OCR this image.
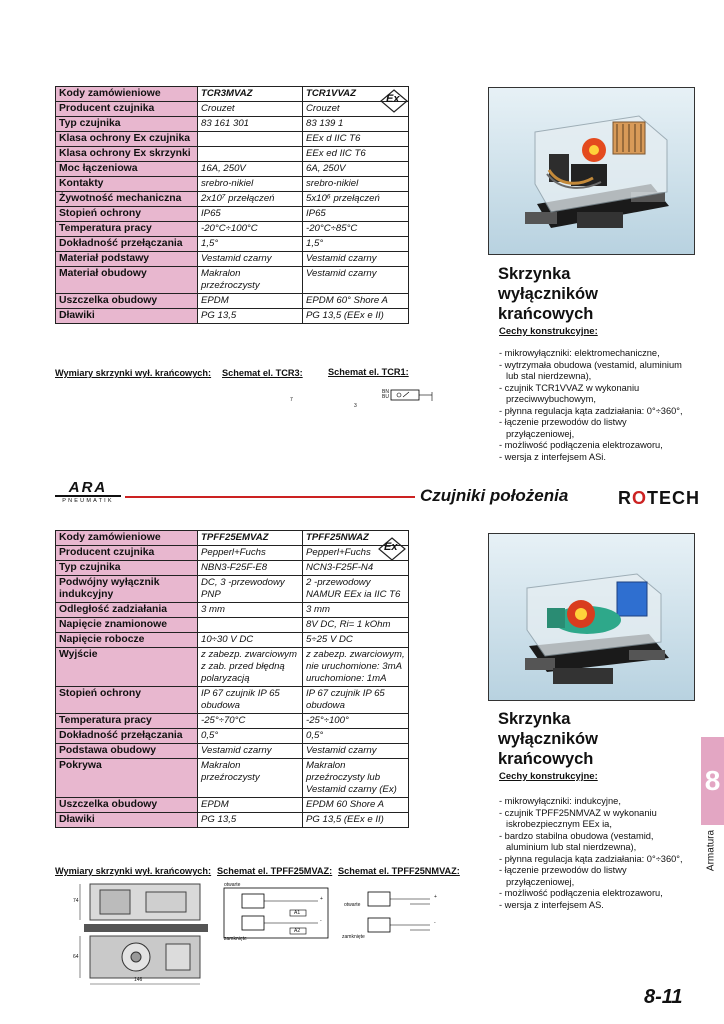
Kody zamówieniowe	TCR3MVAZ	TCR1VVAZ
Producent czujnika	Crouzet	Crouzet
Typ czujnika	83 161 301	83 139 1
Klasa ochrony Ex czujnika		EEx d IIC T6
Klasa ochrony Ex skrzynki		EEx ed IIC T6
Moc łączeniowa	16A, 250V	6A, 250V
Kontakty	srebro-nikiel	srebro-nikiel
Żywotność mechaniczna	2x10⁷ przełączeń	5x10⁶ przełączeń
Stopień ochrony	IP65	IP65
Temperatura pracy	-20°C÷100°C	-20°C÷85°C
Dokładność przełączania	1,5°	1,5°
Materiał podstawy	Vestamid czarny	Vestamid czarny
Materiał obudowy	Makralon przeźroczysty	Vestamid czarny
Uszczelka obudowy	EPDM	EPDM 60° Shore A
Dławiki	PG 13,5	PG 13,5 (EEx e II)
Ex
Wymiary skrzynki wył. krańcowych: Schemat el. TCR3:	Schemat el. TCR1:
7
3
BN
BU
Skrzynka wyłączników krańcowych
Cechy konstrukcyjne:
- mikrowyłączniki: elektromechaniczne,
- wytrzymała obudowa (vestamid, aluminium lub stal nierdzewna),
- czujnik TCR1VVAZ w wykonaniu przeciwwybuchowym,
- płynna regulacja kąta zadziałania: 0°÷360°,
- łączenie przewodów do listwy przyłączeniowej,
- możliwość podłączenia elektrozaworu,
- wersja z interfejsem ASi.
ARA
PNEUMATIK	Czujniki położenia	ROTECH
Kody zamówieniowe	TPFF25EMVAZ	TPFF25NWAZ
Producent czujnika	Pepperl+Fuchs	Pepperl+Fuchs
Typ czujnika	NBN3-F25F-E8	NCN3-F25F-N4
Podwójny wyłącznik indukcyjny	DC, 3 -przewodowy PNP	2 -przewodowy NAMUR EEx ia IIC T6
Odległość zadziałania	3 mm	3 mm
Napięcie znamionowe		8V DC, Ri= 1 kOhm
Napięcie robocze	10÷30 V DC	5÷25 V DC
Wyjście	z zabezp. zwarciowym z zab. przed błędną polaryzacją	z zabezp. zwarciowym, nie uruchomione: 3mA uruchomione: 1mA
Stopień ochrony	IP 67 czujnik IP 65 obudowa	IP 67 czujnik IP 65 obudowa
Temperatura pracy	-25°÷70°C	-25°÷100°
Dokładność przełączania	0,5°	0,5°
Podstawa obudowy	Vestamid czarny	Vestamid czarny
Pokrywa	Makralon przeźroczysty	Makralon przeźroczysty lub Vestamid czarny (Ex)
Uszczelka obudowy	EPDM	EPDM 60 Shore A
Dławiki	PG 13,5	PG 13,5 (EEx e II)
Ex
Wymiary skrzynki wył. krańcowych: Schemat el. TPFF25MVAZ: Schemat el. TPFF25NMVAZ:
74
64
146
otwarte
zamknięte
A1
A2
+
-
otwarte
zamknięte
+
-
Skrzynka wyłączników krańcowych
Cechy konstrukcyjne:
- mikrowyłączniki: indukcyjne,
- czujnik TPFF25NMVAZ w wykonaniu iskrobezpiecznym EEx ia,
- bardzo stabilna obudowa (vestamid, aluminium lub stal nierdzewna),
- płynna regulacja kąta zadziałania: 0°÷360°,
- łączenie przewodów do listwy przyłączeniowej,
- możliwość podłączenia elektrozaworu,
- wersja z interfejsem AS.
8
Armatura
8-11
